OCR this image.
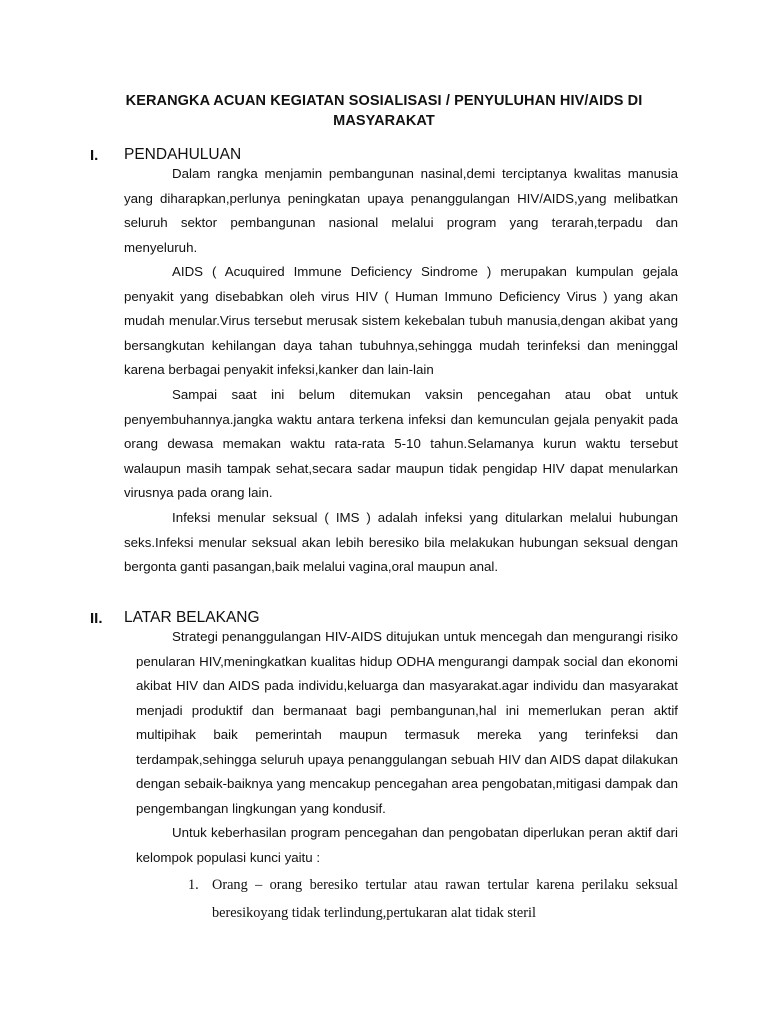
KERANGKA ACUAN KEGIATAN SOSIALISASI / PENYULUHAN HIV/AIDS DI
MASYARAKAT
I. PENDAHULUAN

Dalam rangka menjamin pembangunan nasinal,demi terciptanya kwalitas manusia yang diharapkan,perlunya peningkatan upaya penanggulangan HIV/AIDS,yang melibatkan seluruh sektor pembangunan nasional melalui program yang terarah,terpadu dan menyeluruh.

AIDS ( Acuquired Immune Deficiency Sindrome ) merupakan kumpulan gejala penyakit yang disebabkan oleh virus HIV ( Human Immuno Deficiency Virus ) yang akan mudah menular.Virus tersebut merusak sistem kekebalan tubuh manusia,dengan akibat yang bersangkutan kehilangan daya tahan tubuhnya,sehingga mudah terinfeksi dan meninggal karena berbagai penyakit infeksi,kanker dan lain-lain

Sampai saat ini belum ditemukan vaksin pencegahan atau obat untuk penyembuhannya.jangka waktu antara terkena infeksi dan kemunculan gejala penyakit pada orang dewasa memakan waktu rata-rata 5-10 tahun.Selamanya kurun waktu tersebut walaupun masih tampak sehat,secara sadar maupun tidak pengidap HIV dapat menularkan virusnya pada orang lain.

Infeksi menular seksual ( IMS ) adalah infeksi yang ditularkan melalui hubungan seks.Infeksi menular seksual akan lebih beresiko bila melakukan hubungan seksual dengan bergonta ganti pasangan,baik melalui vagina,oral maupun anal.

II. LATAR BELAKANG

Strategi penanggulangan HIV-AIDS ditujukan untuk mencegah dan mengurangi risiko penularan HIV,meningkatkan kualitas hidup ODHA mengurangi dampak social dan ekonomi akibat HIV dan AIDS pada individu,keluarga dan masyarakat.agar individu dan masyarakat menjadi produktif dan bermanaat bagi pembangunan,hal ini memerlukan peran aktif multipihak baik pemerintah maupun termasuk mereka yang terinfeksi dan terdampak,sehingga seluruh upaya penanggulangan sebuah HIV dan AIDS dapat dilakukan dengan sebaik-baiknya yang mencakup pencegahan area pengobatan,mitigasi dampak dan pengembangan lingkungan yang kondusif.

Untuk keberhasilan program pencegahan dan pengobatan diperlukan peran aktif dari kelompok populasi kunci yaitu :

1. Orang – orang beresiko tertular atau rawan tertular karena perilaku seksual beresikoyang tidak terlindung,pertukaran alat tidak steril
